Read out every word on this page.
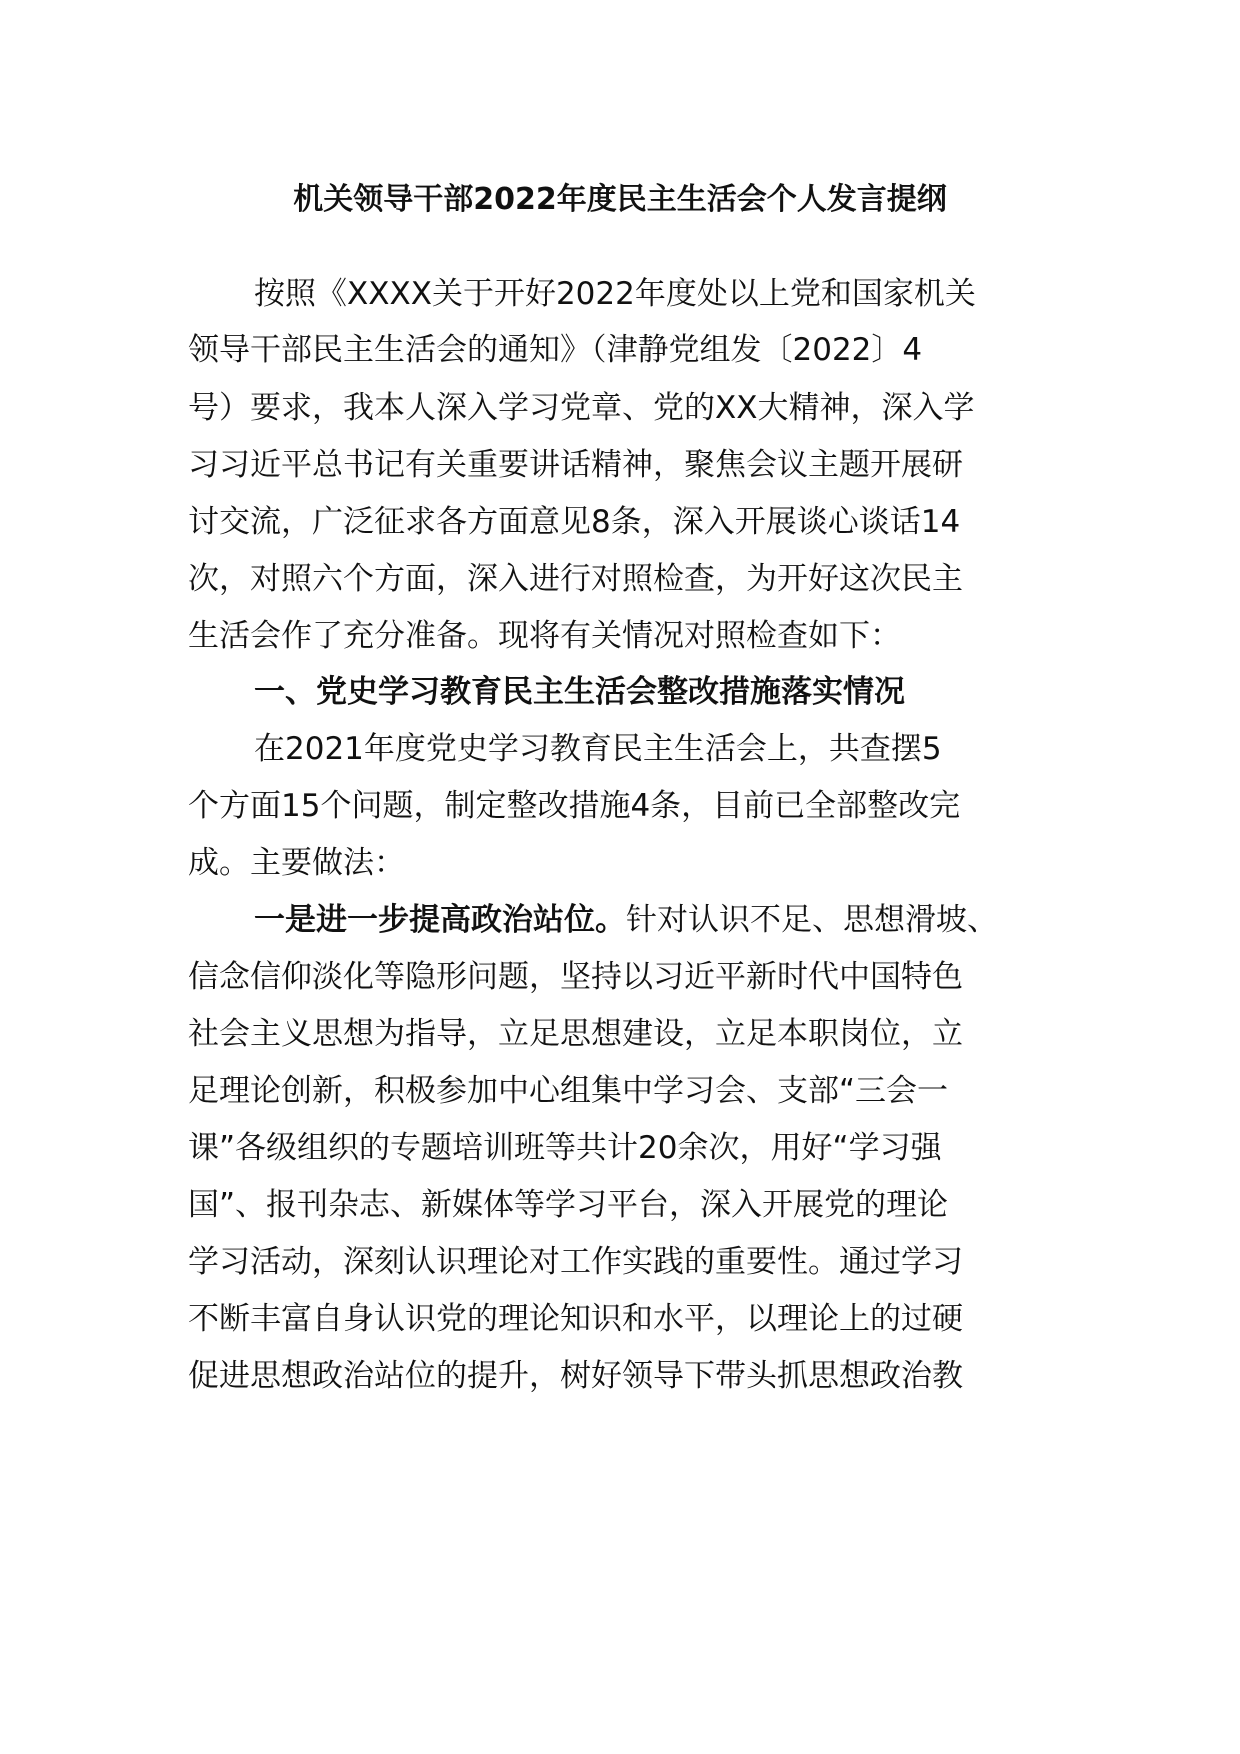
机关领导干部2022年度民主生活会个人发言提纲
按照《XXXX关于开好2022年度处以上党和国家机关
领导干部民主生活会的通知》（津静党组发〔2022〕4
号）要求，我本人深入学习党章、党的XX大精神，深入学
习习近平总书记有关重要讲话精神，聚焦会议主题开展研
讨交流，广泛征求各方面意见8条，深入开展谈心谈话14
次，对照六个方面，深入进行对照检查，为开好这次民主
生活会作了充分准备。现将有关情况对照检查如下：
一、党史学习教育民主生活会整改措施落实情况
在2021年度党史学习教育民主生活会上，共查摆5
个方面15个问题，制定整改措施4条，目前已全部整改完
成。主要做法：
一是进一步提高政治站位。针对认识不足、思想滑坡、
信念信仰淡化等隐形问题，坚持以习近平新时代中国特色
社会主义思想为指导，立足思想建设，立足本职岗位，立
足理论创新，积极参加中心组集中学习会、支部“三会一
课”各级组织的专题培训班等共计20余次，用好“学习强
国”、报刊杂志、新媒体等学习平台，深入开展党的理论
学习活动，深刻认识理论对工作实践的重要性。通过学习
不断丰富自身认识党的理论知识和水平，以理论上的过硬
促进思想政治站位的提升，树好领导下带头抓思想政治教
